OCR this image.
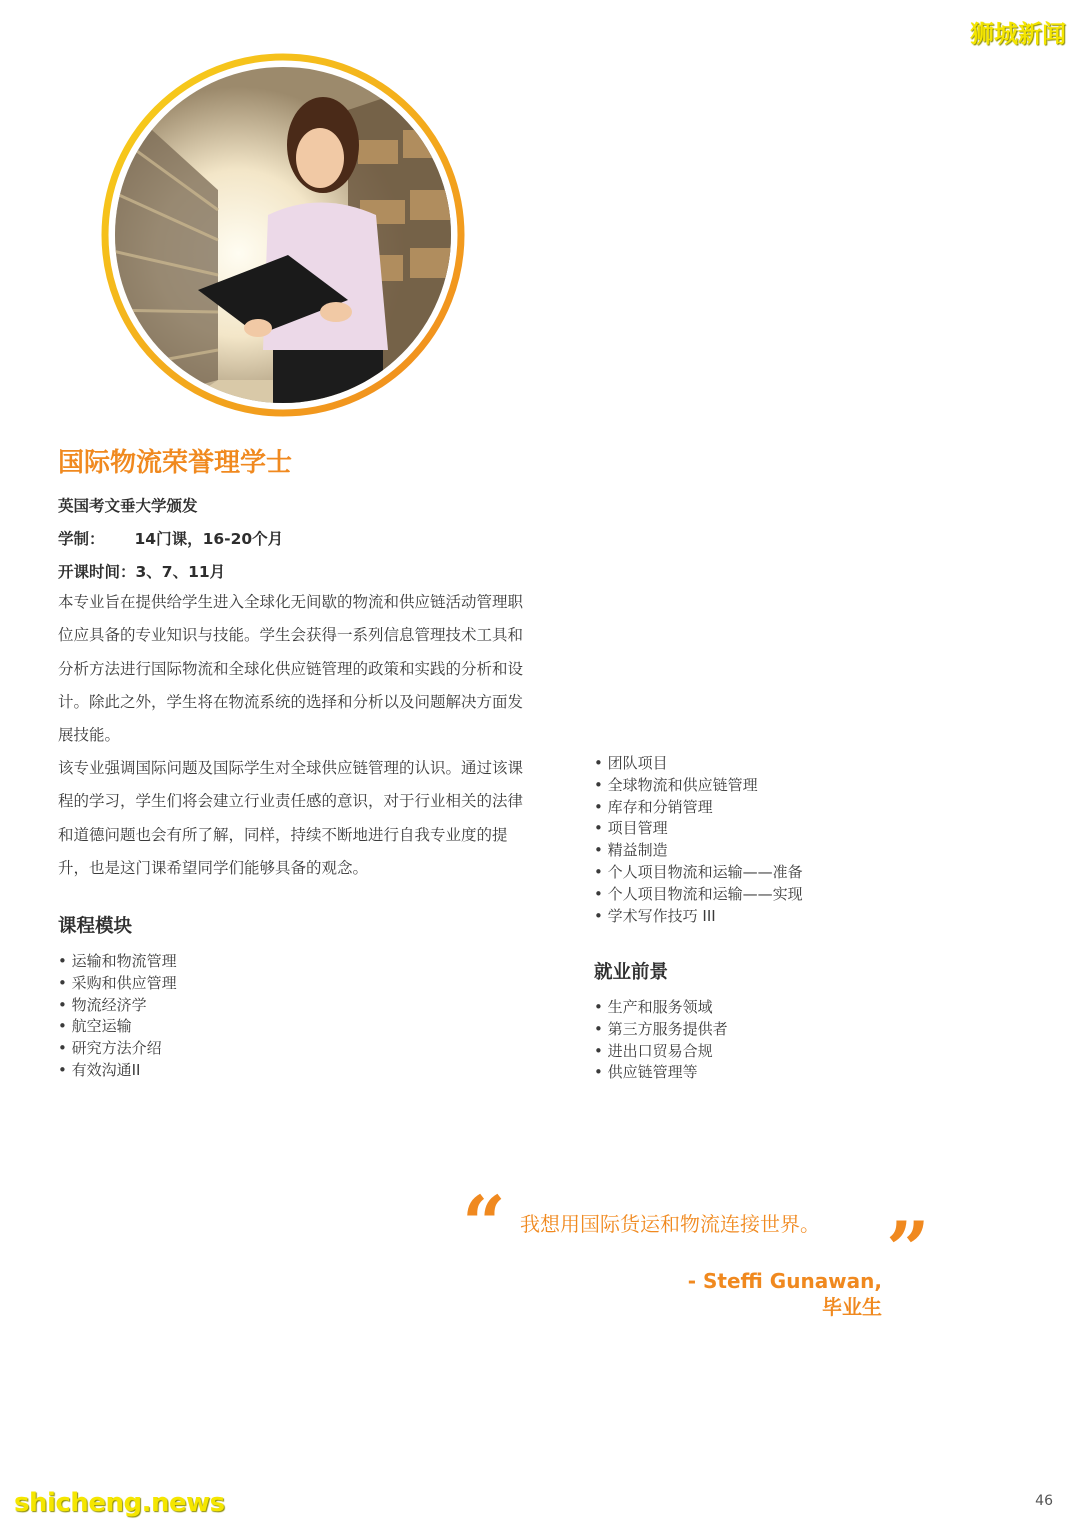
狮城新闻
国际物流荣誉理学士
英国考文垂大学颁发
学制： 14门课，16-20个月
开课时间：3、7、11月
本专业旨在提供给学生进入全球化无间歇的物流和供应链活动管理职位应具备的专业知识与技能。学生会获得一系列信息管理技术工具和分析方法进行国际物流和全球化供应链管理的政策和实践的分析和设计。除此之外，学生将在物流系统的选择和分析以及问题解决方面发展技能。
该专业强调国际问题及国际学生对全球供应链管理的认识。通过该课程的学习，学生们将会建立行业责任感的意识，对于行业相关的法律和道德问题也会有所了解，同样，持续不断地进行自我专业度的提升，也是这门课希望同学们能够具备的观念。
课程模块
• 运输和物流管理
• 采购和供应管理
• 物流经济学
• 航空运输
• 研究方法介绍
• 有效沟通II
• 团队项目
• 全球物流和供应链管理
• 库存和分销管理
• 项目管理
• 精益制造
• 个人项目物流和运输——准备
• 个人项目物流和运输——实现
• 学术写作技巧 III
就业前景
• 生产和服务领域
• 第三方服务提供者
• 进出口贸易合规
• 供应链管理等
“ 我想用国际货运和物流连接世界。 ”
- Steffi Gunawan,
毕业生
shicheng.news	46
